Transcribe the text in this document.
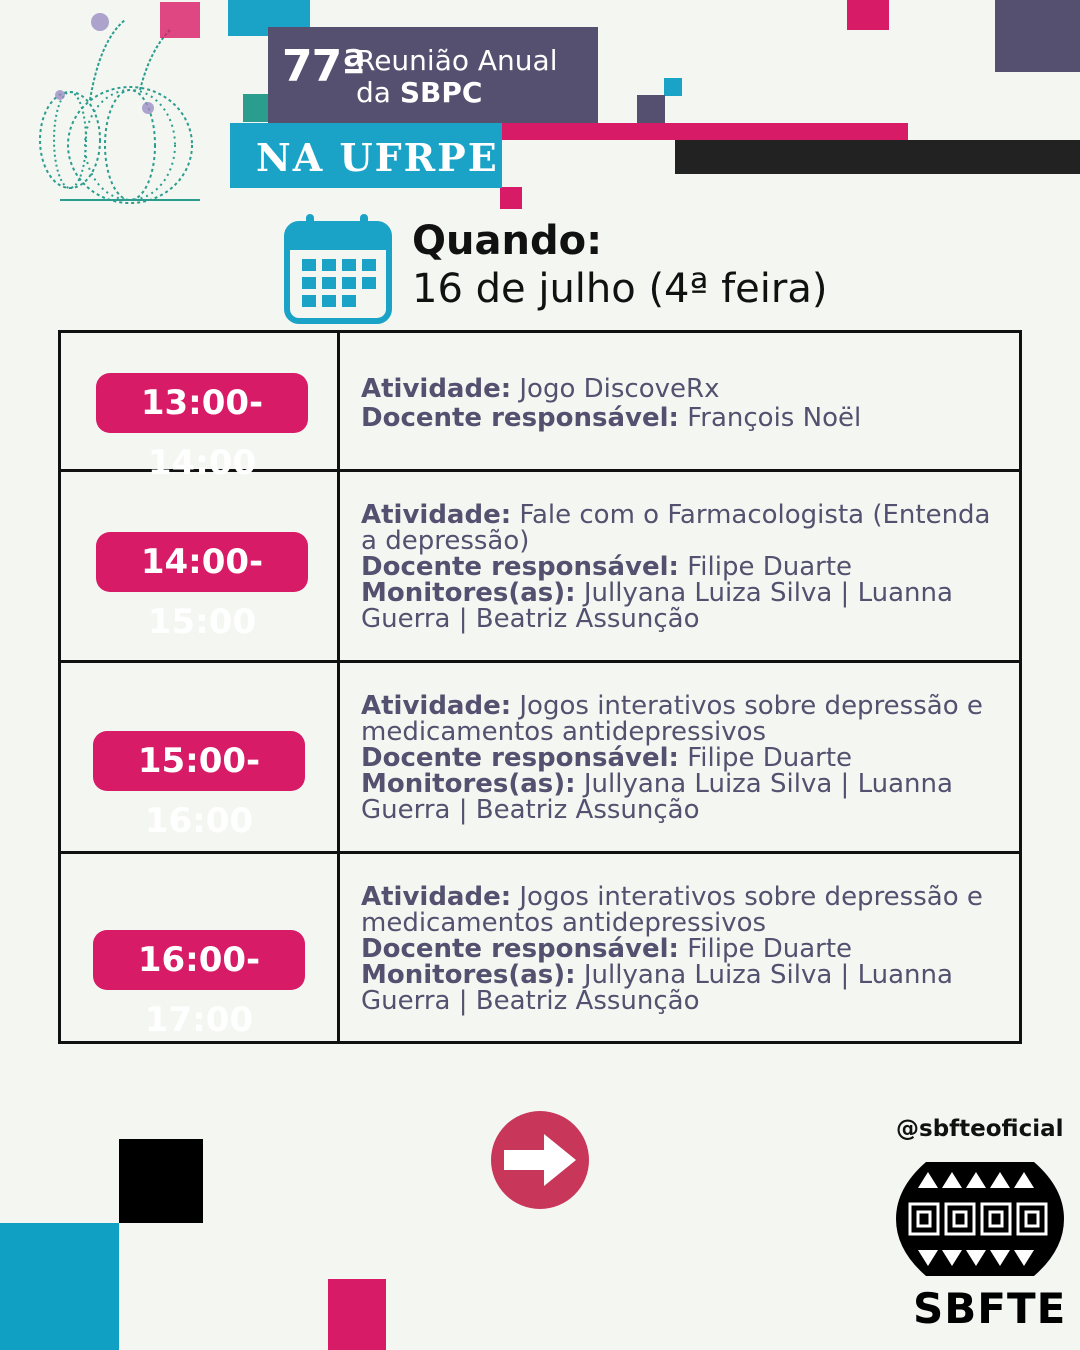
77ª
Reunião Anual
da SBPC
NA UFRPE
Quando:
16 de julho (4ª feira)
13:00-14:00
Atividade: Jogo DiscoveRx
Docente responsável: François Noël
14:00-15:00
Atividade: Fale com o Farmacologista (Entenda a depressão)
Docente responsável: Filipe Duarte
Monitores(as): Jullyana Luiza Silva | Luanna Guerra | Beatriz Assunção
15:00-16:00
Atividade: Jogos interativos sobre depressão e medicamentos antidepressivos
Docente responsável: Filipe Duarte
Monitores(as): Jullyana Luiza Silva | Luanna Guerra | Beatriz Assunção
16:00-17:00
Atividade: Jogos interativos sobre depressão e medicamentos antidepressivos
Docente responsável: Filipe Duarte
Monitores(as): Jullyana Luiza Silva | Luanna Guerra | Beatriz Assunção
@sbfteoficial
SBFTE
